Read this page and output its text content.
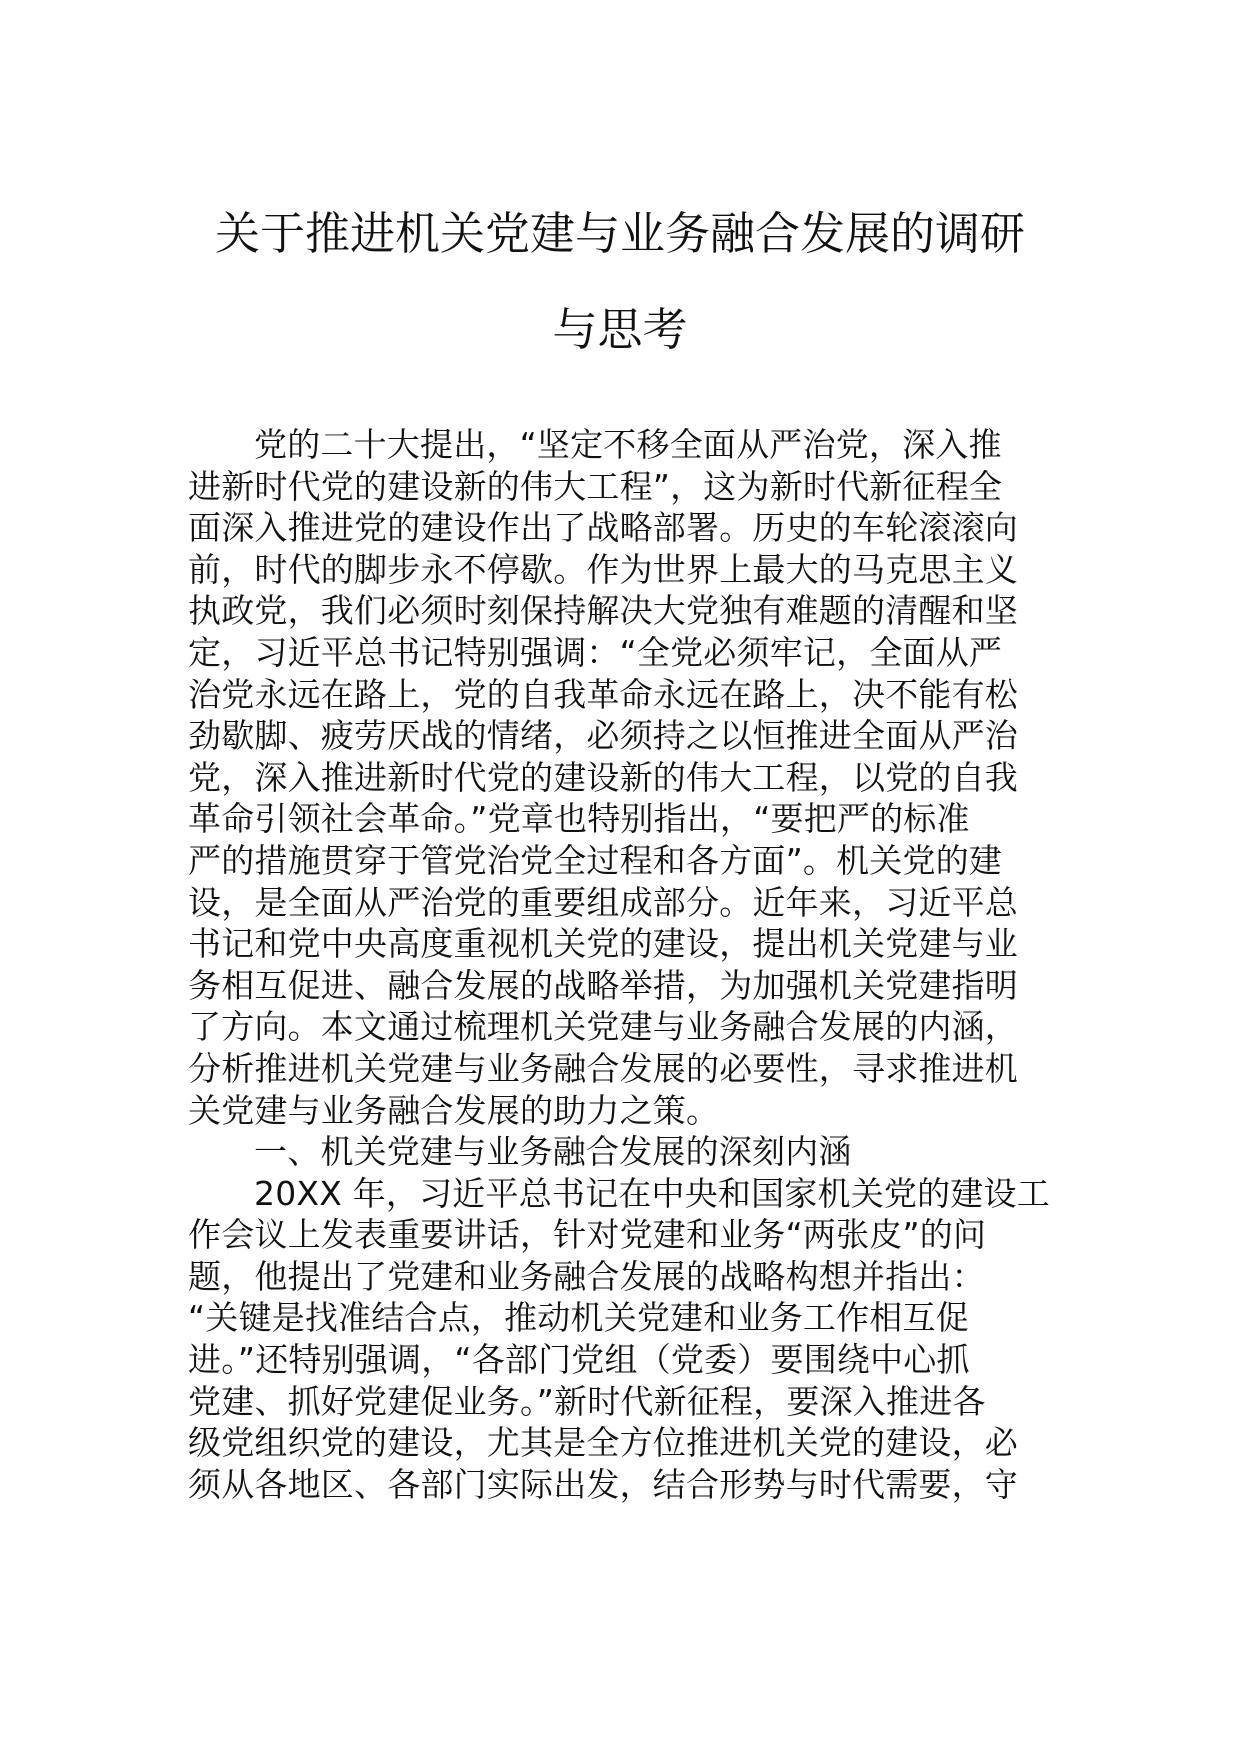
关于推进机关党建与业务融合发展的调研
与思考
党的二十大提出，“坚定不移全面从严治党，深入推
进新时代党的建设新的伟大工程”，这为新时代新征程全
面深入推进党的建设作出了战略部署。历史的车轮滚滚向
前，时代的脚步永不停歇。作为世界上最大的马克思主义
执政党，我们必须时刻保持解决大党独有难题的清醒和坚
定，习近平总书记特别强调：“全党必须牢记，全面从严
治党永远在路上，党的自我革命永远在路上，决不能有松
劲歇脚、疲劳厌战的情绪，必须持之以恒推进全面从严治
党，深入推进新时代党的建设新的伟大工程，以党的自我
革命引领社会革命。”党章也特别指出，“要把严的标准
严的措施贯穿于管党治党全过程和各方面”。机关党的建
设，是全面从严治党的重要组成部分。近年来，习近平总
书记和党中央高度重视机关党的建设，提出机关党建与业
务相互促进、融合发展的战略举措，为加强机关党建指明
了方向。本文通过梳理机关党建与业务融合发展的内涵，
分析推进机关党建与业务融合发展的必要性，寻求推进机
关党建与业务融合发展的助力之策。
一、机关党建与业务融合发展的深刻内涵
20XX 年，习近平总书记在中央和国家机关党的建设工
作会议上发表重要讲话，针对党建和业务“两张皮”的问
题，他提出了党建和业务融合发展的战略构想并指出：
“关键是找准结合点，推动机关党建和业务工作相互促
进。”还特别强调，“各部门党组（党委）要围绕中心抓
党建、抓好党建促业务。”新时代新征程，要深入推进各
级党组织党的建设，尤其是全方位推进机关党的建设，必
须从各地区、各部门实际出发，结合形势与时代需要，守
